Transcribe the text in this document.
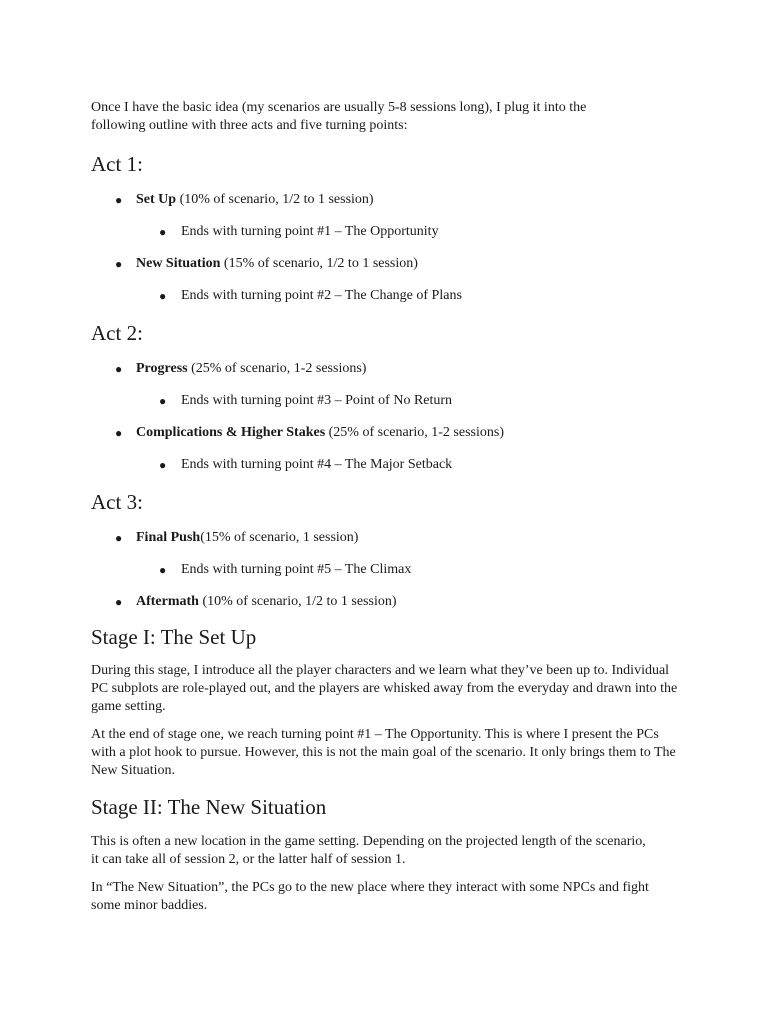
Once I have the basic idea (my scenarios are usually 5-8 sessions long), I plug it into the following outline with three acts and five turning points:

Act 1:
● Set Up (10% of scenario, 1/2 to 1 session)
● Ends with turning point #1 – The Opportunity
● New Situation (15% of scenario, 1/2 to 1 session)
● Ends with turning point #2 – The Change of Plans
Act 2:
● Progress (25% of scenario, 1-2 sessions)
● Ends with turning point #3 – Point of No Return
● Complications & Higher Stakes (25% of scenario, 1-2 sessions)
● Ends with turning point #4 – The Major Setback
Act 3:
● Final Push(15% of scenario, 1 session)
● Ends with turning point #5 – The Climax
● Aftermath (10% of scenario, 1/2 to 1 session)
Stage I: The Set Up

During this stage, I introduce all the player characters and we learn what they’ve been up to. Individual PC subplots are role-played out, and the players are whisked away from the everyday and drawn into the game setting.

At the end of stage one, we reach turning point #1 – The Opportunity. This is where I present the PCs with a plot hook to pursue. However, this is not the main goal of the scenario. It only brings them to The New Situation.

Stage II: The New Situation

This is often a new location in the game setting. Depending on the projected length of the scenario, it can take all of session 2, or the latter half of session 1.

In “The New Situation”, the PCs go to the new place where they interact with some NPCs and fight some minor baddies.
